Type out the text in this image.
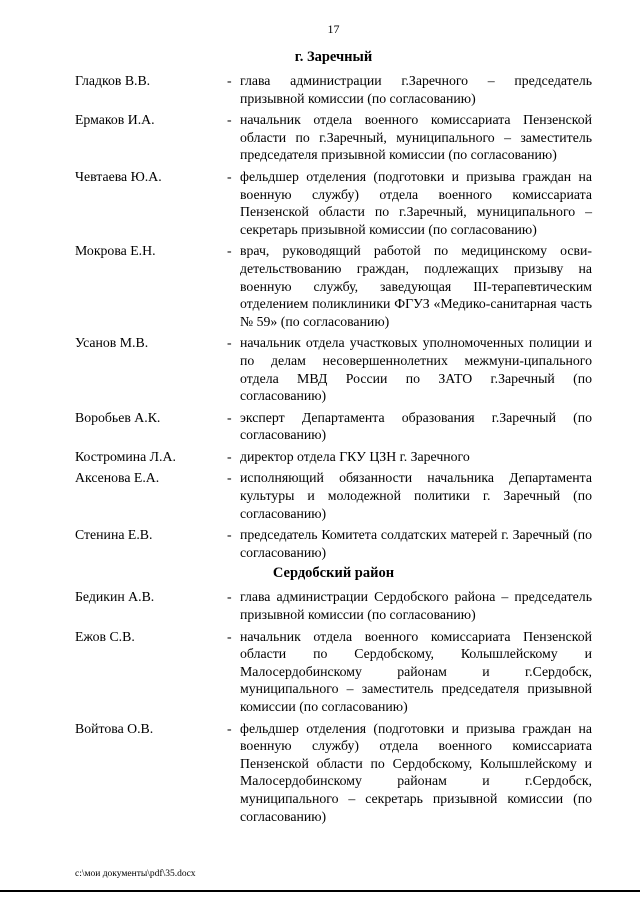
17
г. Заречный
Гладков В.В.	- глава администрации г.Заречного – председатель призывной комиссии (по согласованию)
Ермаков И.А.	- начальник отдела военного комиссариата Пензенской области по г.Заречный, муниципального – заместитель председателя призывной комиссии (по согласованию)
Чевтаева Ю.А.	- фельдшер отделения (подготовки и призыва граждан на военную службу) отдела военного комиссариата Пензенской области по г.Заречный, муниципального –секретарь призывной комиссии (по согласованию)
Мокрова Е.Н.	- врач, руководящий работой по медицинскому осви-детельствованию граждан, подлежащих призыву на военную службу, заведующая III-терапевтическим отделением поликлиники ФГУЗ «Медико-санитарная часть № 59» (по согласованию)
Усанов М.В.	- начальник отдела участковых уполномоченных полиции и по делам несовершеннолетних межмуни-ципального отдела МВД России по ЗАТО г.Заречный (по согласованию)
Воробьев А.К.	- эксперт Департамента образования г.Заречный (по согласованию)
Костромина Л.А.	- директор отдела ГКУ ЦЗН г. Заречного
Аксенова Е.А.	- исполняющий обязанности начальника Департамента культуры и молодежной политики г. Заречный (по согласованию)
Стенина Е.В.	- председатель Комитета солдатских матерей г. Заречный (по согласованию)
Сердобский район
Бедикин А.В.	- глава администрации Сердобского района – председатель призывной комиссии (по согласованию)
Ежов С.В.	- начальник отдела военного комиссариата Пензенской области по Сердобскому, Колышлейскому и Малосердобинскому районам и г.Сердобск, муниципального – заместитель председателя призывной комиссии (по согласованию)
Войтова О.В.	- фельдшер отделения (подготовки и призыва граждан на военную службу) отдела военного комиссариата Пензенской области по Сердобскому, Колышлейскому и Малосердобинскому районам и г.Сердобск, муниципального – секретарь призывной комиссии (по согласованию)
с:\мои документы\pdf\35.docx
